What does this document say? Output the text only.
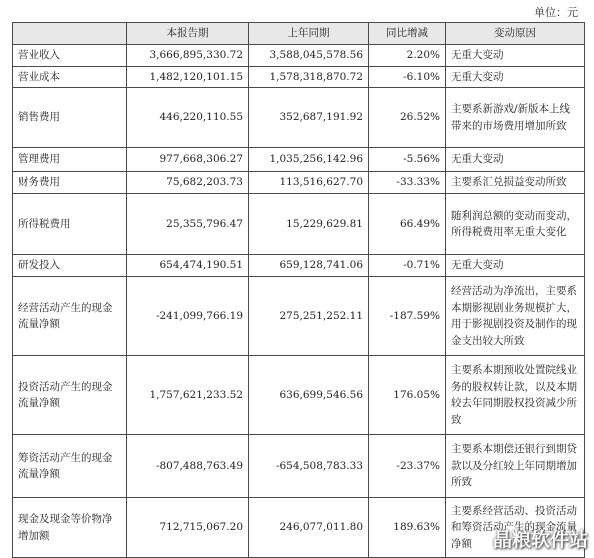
单位：元
	本报告期	上年同期	同比增减	变动原因
营业收入	3,666,895,330.72	3,588,045,578.56	2.20%	无重大变动
营业成本	1,482,120,101.15	1,578,318,870.72	-6.10%	无重大变动
销售费用	446,220,110.55	352,687,191.92	26.52%	主要系新游戏/新版本上线带来的市场费用增加所致
管理费用	977,668,306.27	1,035,256,142.96	-5.56%	无重大变动
财务费用	75,682,203.73	113,516,627.70	-33.33%	主要系汇兑损益变动所致
所得税费用	25,355,796.47	15,229,629.81	66.49%	随利润总额的变动而变动，所得税费用率无重大变化
研发投入	654,474,190.51	659,128,741.06	-0.71%	无重大变动
经营活动产生的现金流量净额	-241,099,766.19	275,251,252.11	-187.59%	经营活动为净流出，主要系本期影视剧业务规模扩大，用于影视剧投资及制作的现金支出较大所致
投资活动产生的现金流量净额	1,757,621,233.52	636,699,546.56	176.05%	主要系本期预收处置院线业务的股权转让款，以及本期较去年同期股权投资减少所致
筹资活动产生的现金流量净额	-807,488,763.49	-654,508,783.33	-23.37%	主要系本期偿还银行到期贷款以及分红较上年同期增加所致
现金及现金等价物净增加额	712,715,067.20	246,077,011.80	189.63%	主要系经营活动、投资活动和筹资活动产生的现金流量净额 晶粮软件站
